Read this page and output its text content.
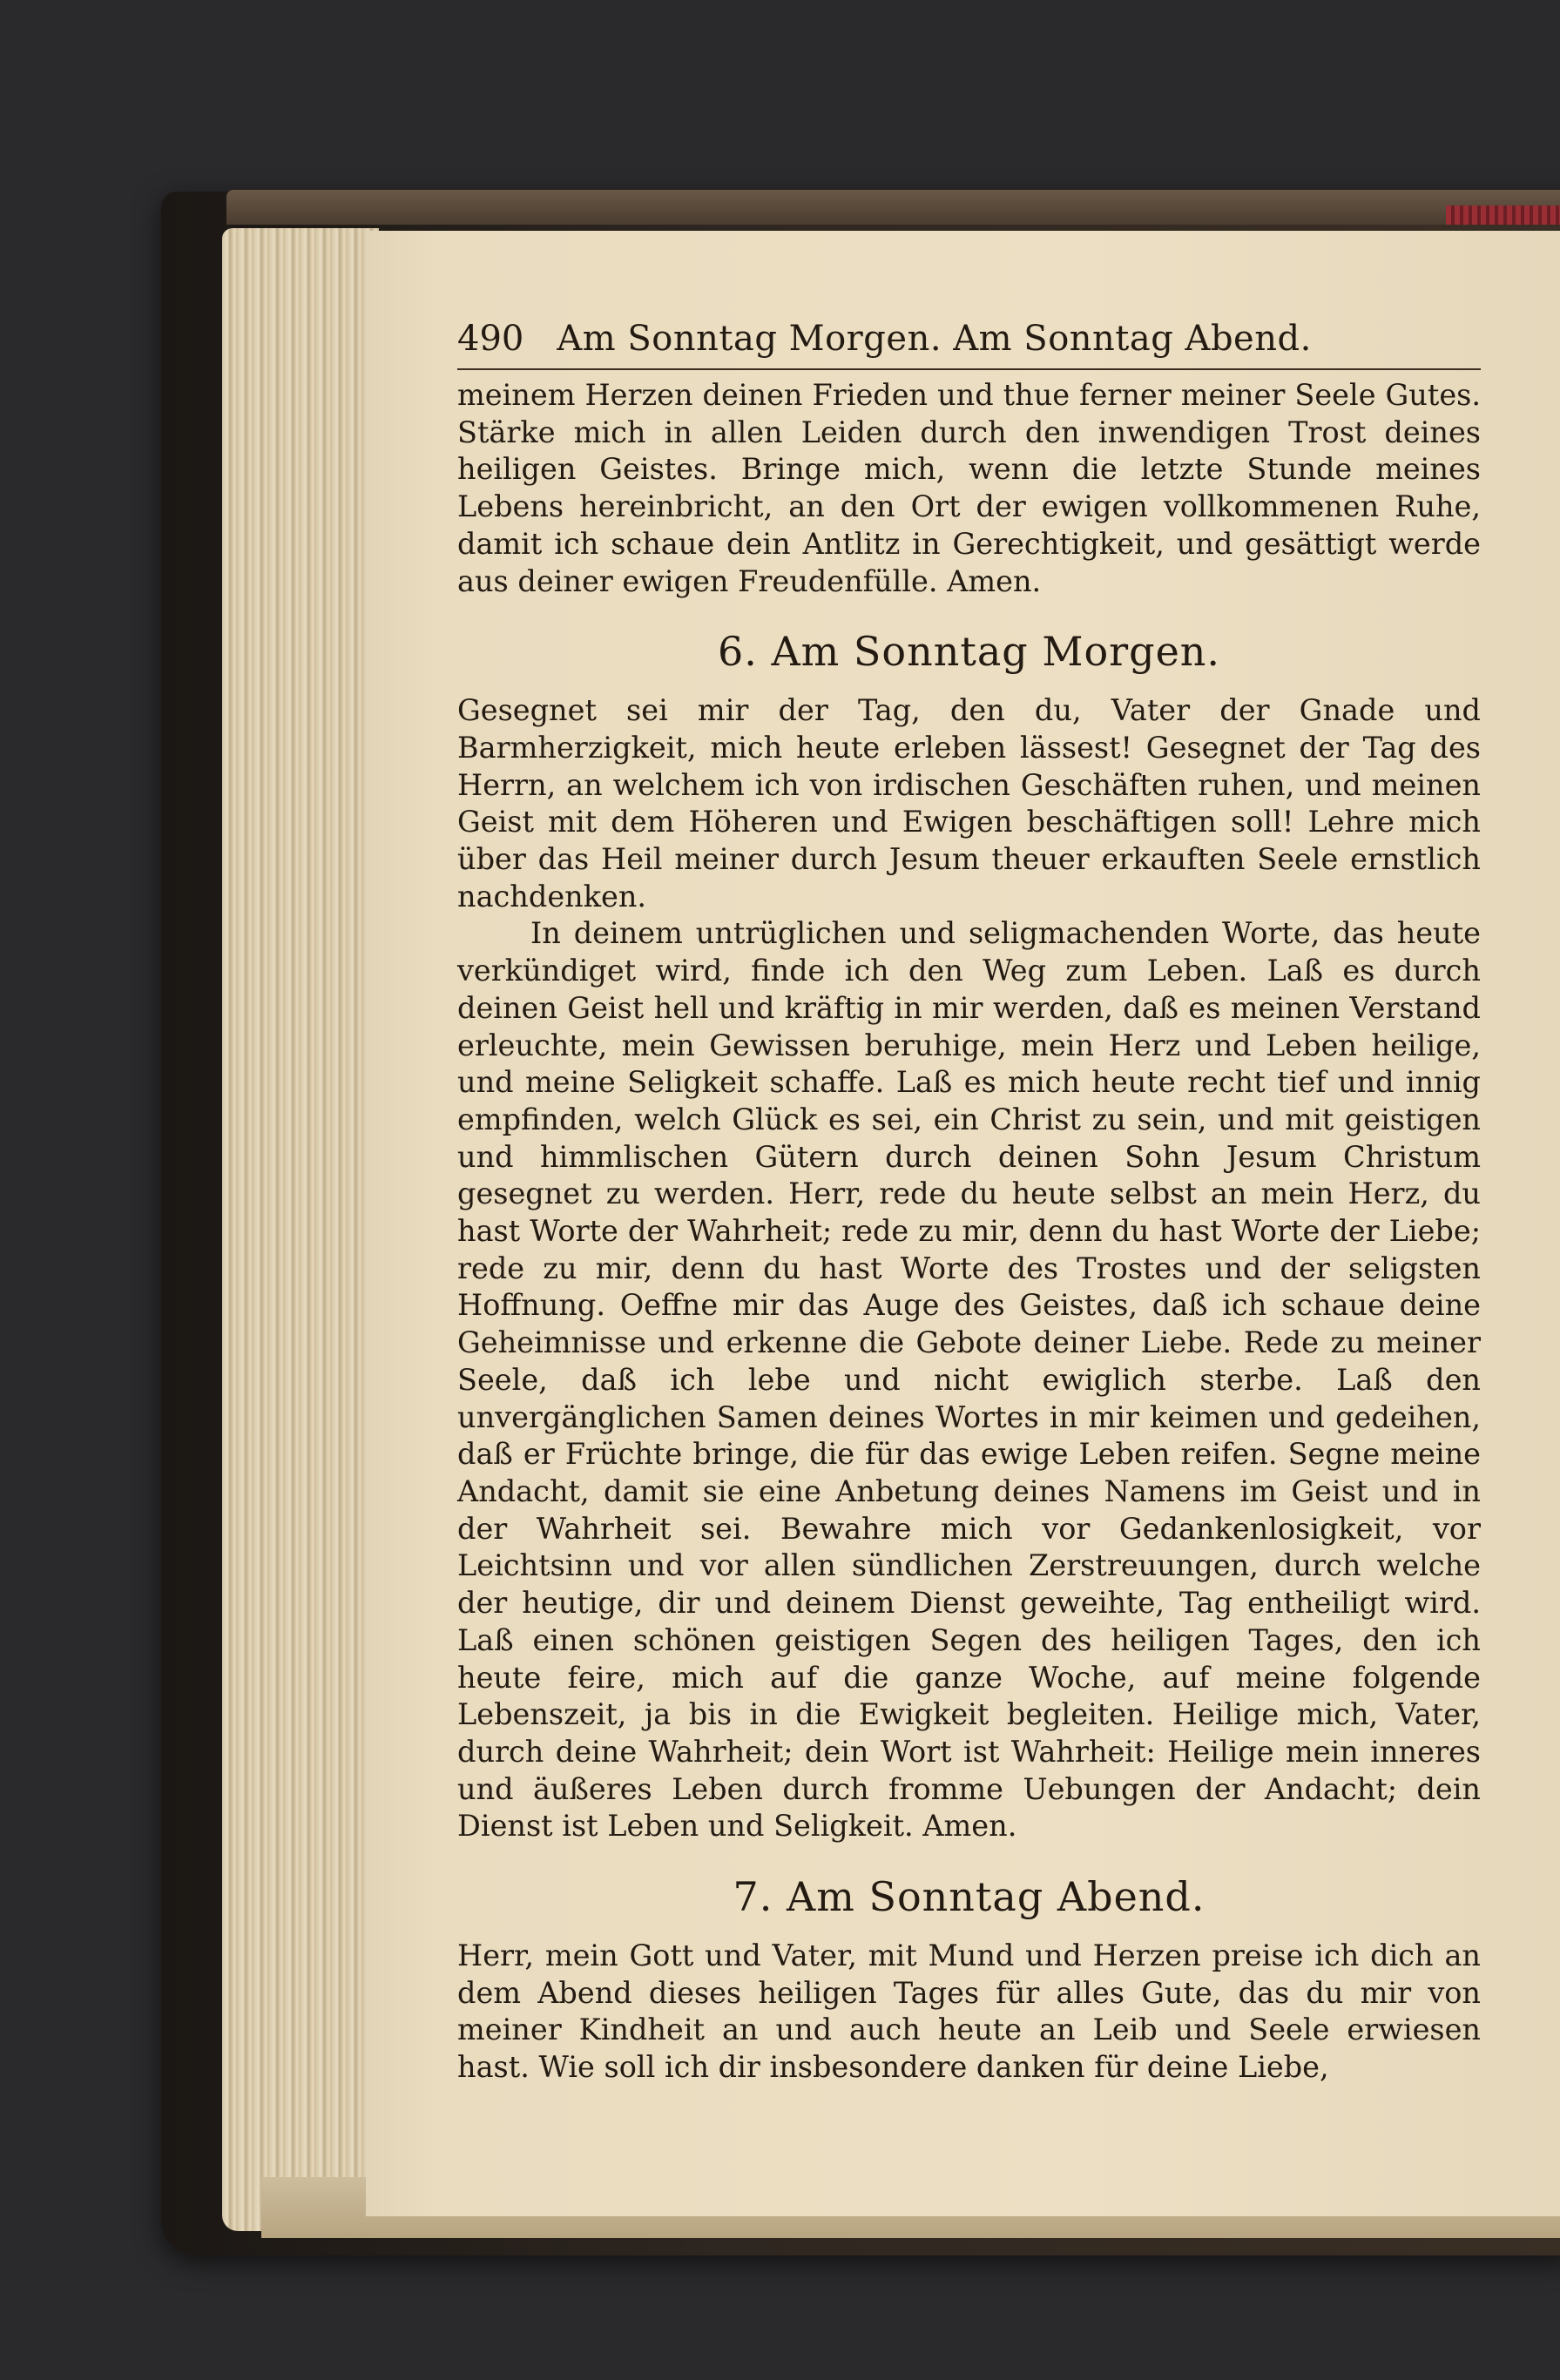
490 Am Sonntag Morgen. Am Sonntag Abend.

meinem Herzen deinen Frieden und thue ferner meiner Seele Gutes. Stärke mich in allen Leiden durch den inwendigen Trost deines heiligen Geistes. Bringe mich, wenn die letzte Stunde meines Lebens hereinbricht, an den Ort der ewigen vollkommenen Ruhe, damit ich schaue dein Antlitz in Gerechtigkeit, und gesättigt werde aus deiner ewigen Freudenfülle. Amen.

6. Am Sonntag Morgen.

Gesegnet sei mir der Tag, den du, Vater der Gnade und Barmherzigkeit, mich heute erleben lässest! Gesegnet der Tag des Herrn, an welchem ich von irdischen Geschäften ruhen, und meinen Geist mit dem Höheren und Ewigen beschäftigen soll! Lehre mich über das Heil meiner durch Jesum theuer erkauften Seele ernstlich nachdenken.

In deinem untrüglichen und seligmachenden Worte, das heute verkündiget wird, finde ich den Weg zum Leben. Laß es durch deinen Geist hell und kräftig in mir werden, daß es meinen Verstand erleuchte, mein Gewissen beruhige, mein Herz und Leben heilige, und meine Seligkeit schaffe. Laß es mich heute recht tief und innig empfinden, welch Glück es sei, ein Christ zu sein, und mit geistigen und himmlischen Gütern durch deinen Sohn Jesum Christum gesegnet zu werden. Herr, rede du heute selbst an mein Herz, du hast Worte der Wahrheit; rede zu mir, denn du hast Worte der Liebe; rede zu mir, denn du hast Worte des Trostes und der seligsten Hoffnung. Oeffne mir das Auge des Geistes, daß ich schaue deine Geheimnisse und erkenne die Gebote deiner Liebe. Rede zu meiner Seele, daß ich lebe und nicht ewiglich sterbe. Laß den unvergänglichen Samen deines Wortes in mir keimen und gedeihen, daß er Früchte bringe, die für das ewige Leben reifen. Segne meine Andacht, damit sie eine Anbetung deines Namens im Geist und in der Wahrheit sei. Bewahre mich vor Gedankenlosigkeit, vor Leichtsinn und vor allen sündlichen Zerstreuungen, durch welche der heutige, dir und deinem Dienst geweihte, Tag entheiligt wird. Laß einen schönen geistigen Segen des heiligen Tages, den ich heute feire, mich auf die ganze Woche, auf meine folgende Lebenszeit, ja bis in die Ewigkeit begleiten. Heilige mich, Vater, durch deine Wahrheit; dein Wort ist Wahrheit: Heilige mein inneres und äußeres Leben durch fromme Uebungen der Andacht; dein Dienst ist Leben und Seligkeit. Amen.

7. Am Sonntag Abend.

Herr, mein Gott und Vater, mit Mund und Herzen preise ich dich an dem Abend dieses heiligen Tages für alles Gute, das du mir von meiner Kindheit an und auch heute an Leib und Seele erwiesen hast. Wie soll ich dir insbesondere danken für deine Liebe,
